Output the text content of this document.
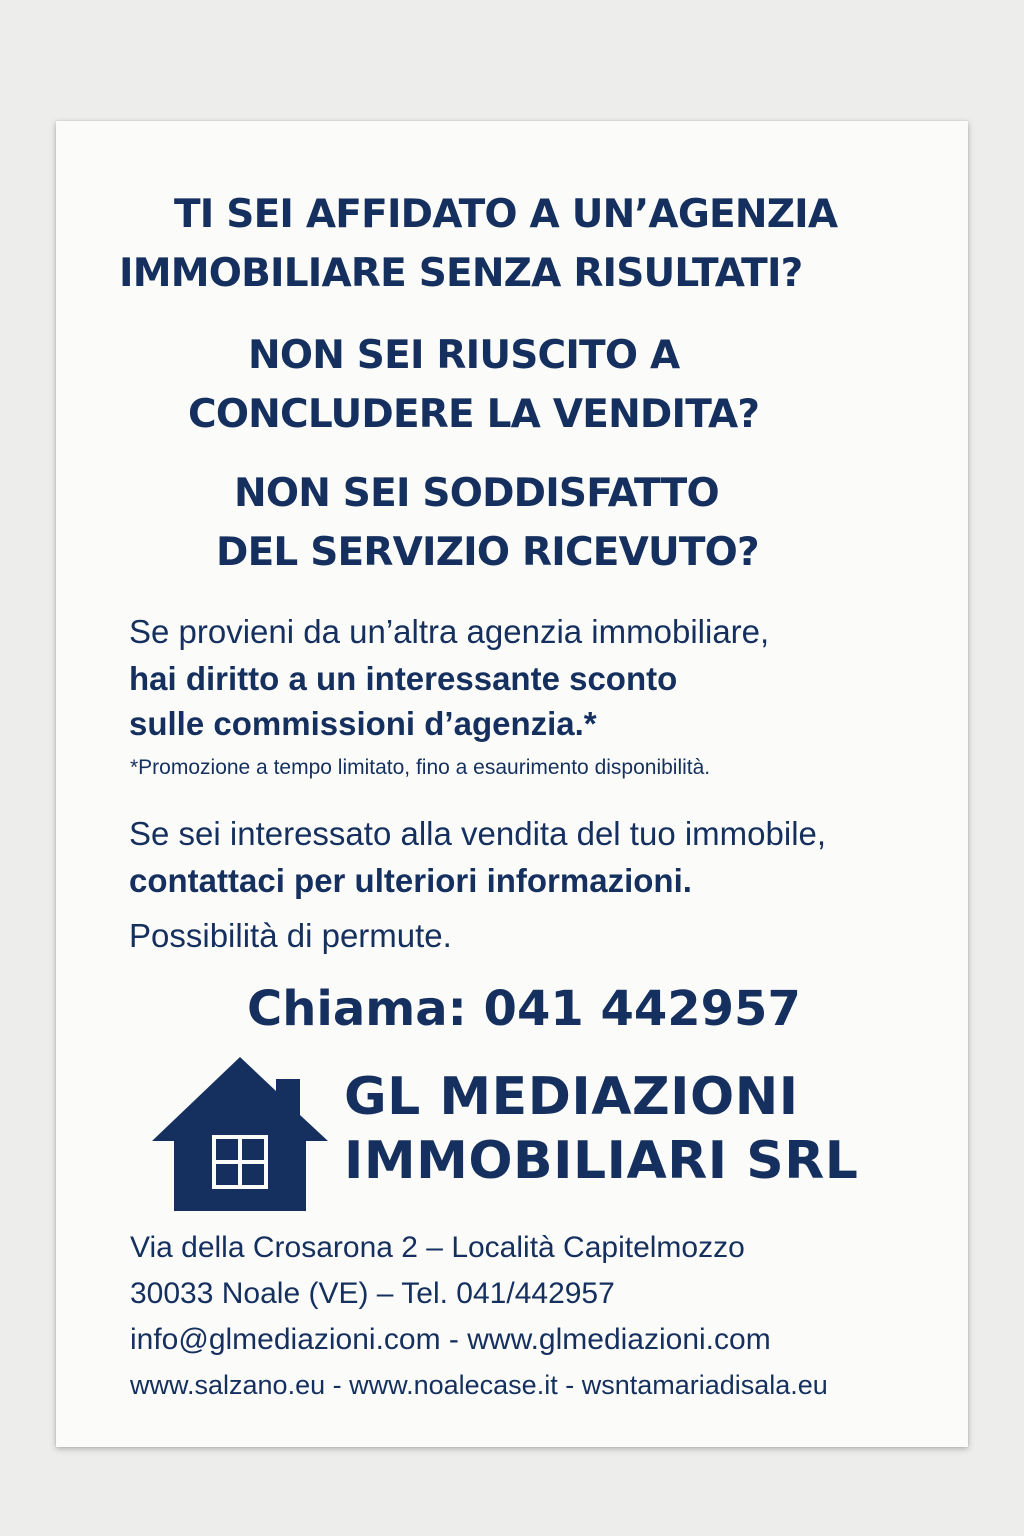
TI SEI AFFIDATO A UN’AGENZIA

IMMOBILIARE SENZA RISULTATI?

NON SEI RIUSCITO A

CONCLUDERE LA VENDITA?

NON SEI SODDISFATTO

DEL SERVIZIO RICEVUTO?

Se provieni da un’altra agenzia immobiliare,

hai diritto a un interessante sconto

sulle commissioni d’agenzia.*

*Promozione a tempo limitato, fino a esaurimento disponibilità.

Se sei interessato alla vendita del tuo immobile,

contattaci per ulteriori informazioni.

Possibilità di permute.

Chiama: 041 442957

GL MEDIAZIONI

IMMOBILIARI SRL

Via della Crosarona 2 – Località Capitelmozzo

30033 Noale (VE) – Tel. 041/442957

info@glmediazioni.com - www.glmediazioni.com

www.salzano.eu - www.noalecase.it - wsntamariadisala.eu
